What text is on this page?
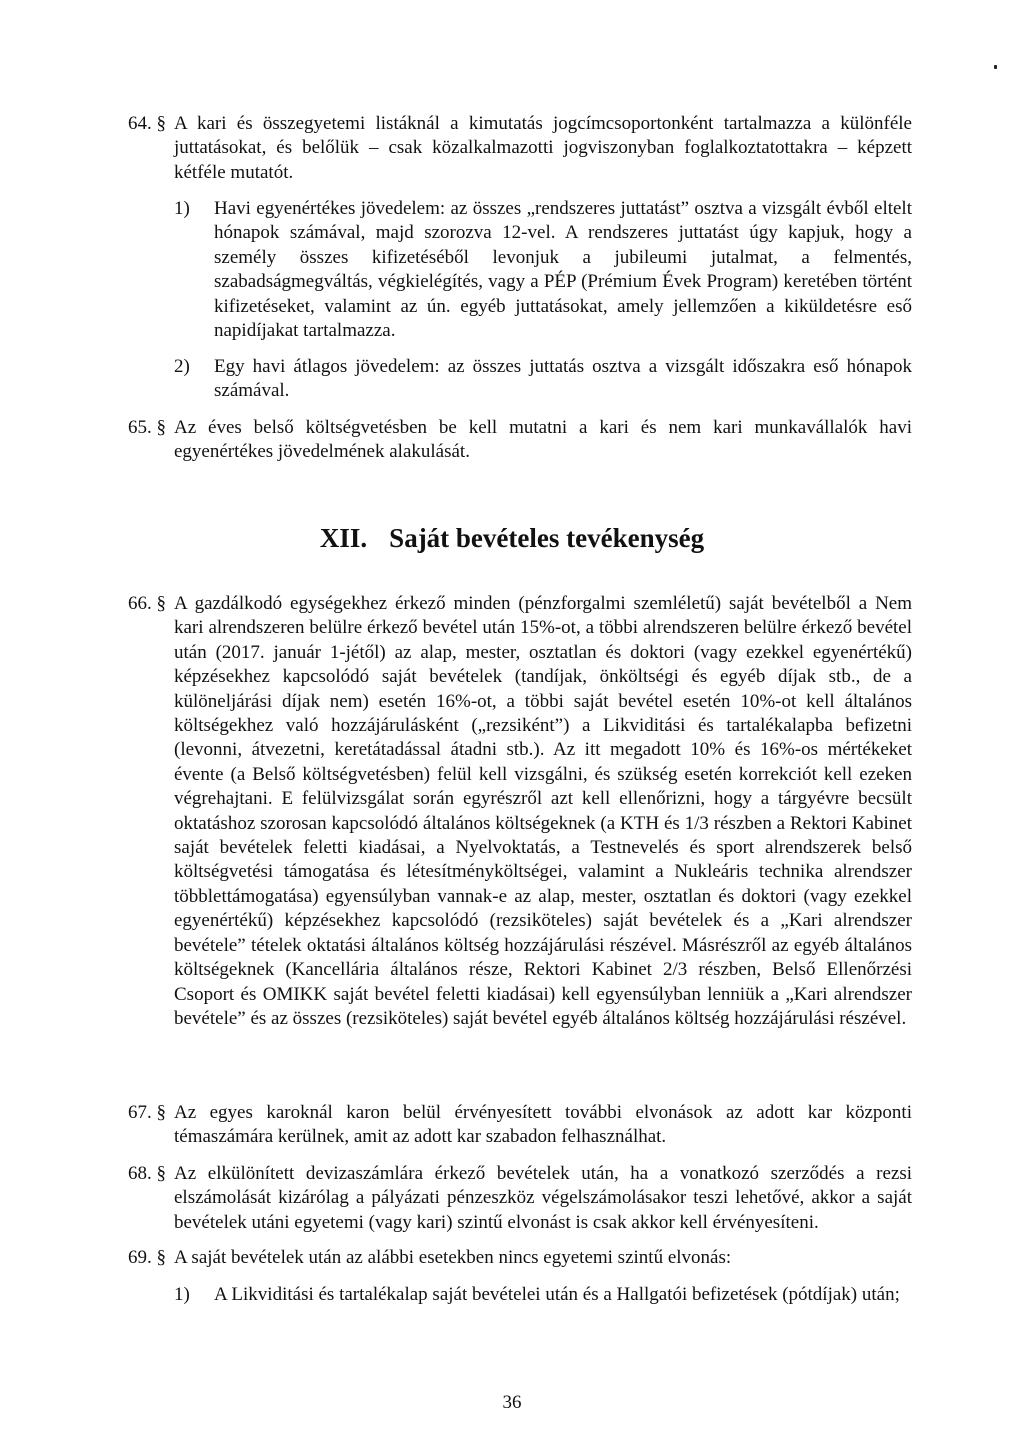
64. § A kari és összegyetemi listáknál a kimutatás jogcímcsoportonként tartalmazza a különféle juttatásokat, és belőlük – csak közalkalmazotti jogviszonyban foglalkoztatottakra – képzett kétféle mutatót.
1)	Havi egyenértékes jövedelem: az összes „rendszeres juttatást” osztva a vizsgált évből eltelt hónapok számával, majd szorozva 12-vel. A rendszeres juttatást úgy kapjuk, hogy a személy összes kifizetéséből levonjuk a jubileumi jutalmat, a felmentés, szabadságmegváltás, végkielégítés, vagy a PÉP (Prémium Évek Program) keretében történt kifizetéseket, valamint az ún. egyéb juttatásokat, amely jellemzően a kiküldetésre eső napidíjakat tartalmazza.
2)	Egy havi átlagos jövedelem: az összes juttatás osztva a vizsgált időszakra eső hónapok számával.
65. § Az éves belső költségvetésben be kell mutatni a kari és nem kari munkavállalók havi egyenértékes jövedelmének alakulását.
XII. Saját bevételes tevékenység
66. § A gazdálkodó egységekhez érkező minden (pénzforgalmi szemléletű) saját bevételből a Nem kari alrendszeren belülre érkező bevétel után 15%-ot, a többi alrendszeren belülre érkező bevétel után (2017. január 1-jétől) az alap, mester, osztatlan és doktori (vagy ezekkel egyenértékű) képzésekhez kapcsolódó saját bevételek (tandíjak, önköltségi és egyéb díjak stb., de a különeljárási díjak nem) esetén 16%-ot, a többi saját bevétel esetén 10%-ot kell általános költségekhez való hozzájárulásként („rezsiként”) a Likviditási és tartalékalapba befizetni (levonni, átvezetni, keretátadással átadni stb.). Az itt megadott 10% és 16%-os mértékeket évente (a Belső költségvetésben) felül kell vizsgálni, és szükség esetén korrekciót kell ezeken végrehajtani. E felülvizsgálat során egyrészről azt kell ellenőrizni, hogy a tárgyévre becsült oktatáshoz szorosan kapcsolódó általános költségeknek (a KTH és 1/3 részben a Rektori Kabinet saját bevételek feletti kiadásai, a Nyelvoktatás, a Testnevelés és sport alrendszerek belső költségvetési támogatása és létesítményköltségei, valamint a Nukleáris technika alrendszer többlettámogatása) egyensúlyban vannak-e az alap, mester, osztatlan és doktori (vagy ezekkel egyenértékű) képzésekhez kapcsolódó (rezsiköteles) saját bevételek és a „Kari alrendszer bevétele” tételek oktatási általános költség hozzájárulási részével. Másrészről az egyéb általános költségeknek (Kancellária általános része, Rektori Kabinet 2/3 részben, Belső Ellenőrzési Csoport és OMIKK saját bevétel feletti kiadásai) kell egyensúlyban lenniük a „Kari alrendszer bevétele” és az összes (rezsiköteles) saját bevétel egyéb általános költség hozzájárulási részével.
67. § Az egyes karoknál karon belül érvényesített további elvonások az adott kar központi témaszámára kerülnek, amit az adott kar szabadon felhasználhat.
68. § Az elkülönített devizaszámlára érkező bevételek után, ha a vonatkozó szerződés a rezsi elszámolását kizárólag a pályázati pénzeszköz végelszámolásakor teszi lehetővé, akkor a saját bevételek utáni egyetemi (vagy kari) szintű elvonást is csak akkor kell érvényesíteni.
69. § A saját bevételek után az alábbi esetekben nincs egyetemi szintű elvonás:
1)	A Likviditási és tartalékalap saját bevételei után és a Hallgatói befizetések (pótdíjak) után;
36
